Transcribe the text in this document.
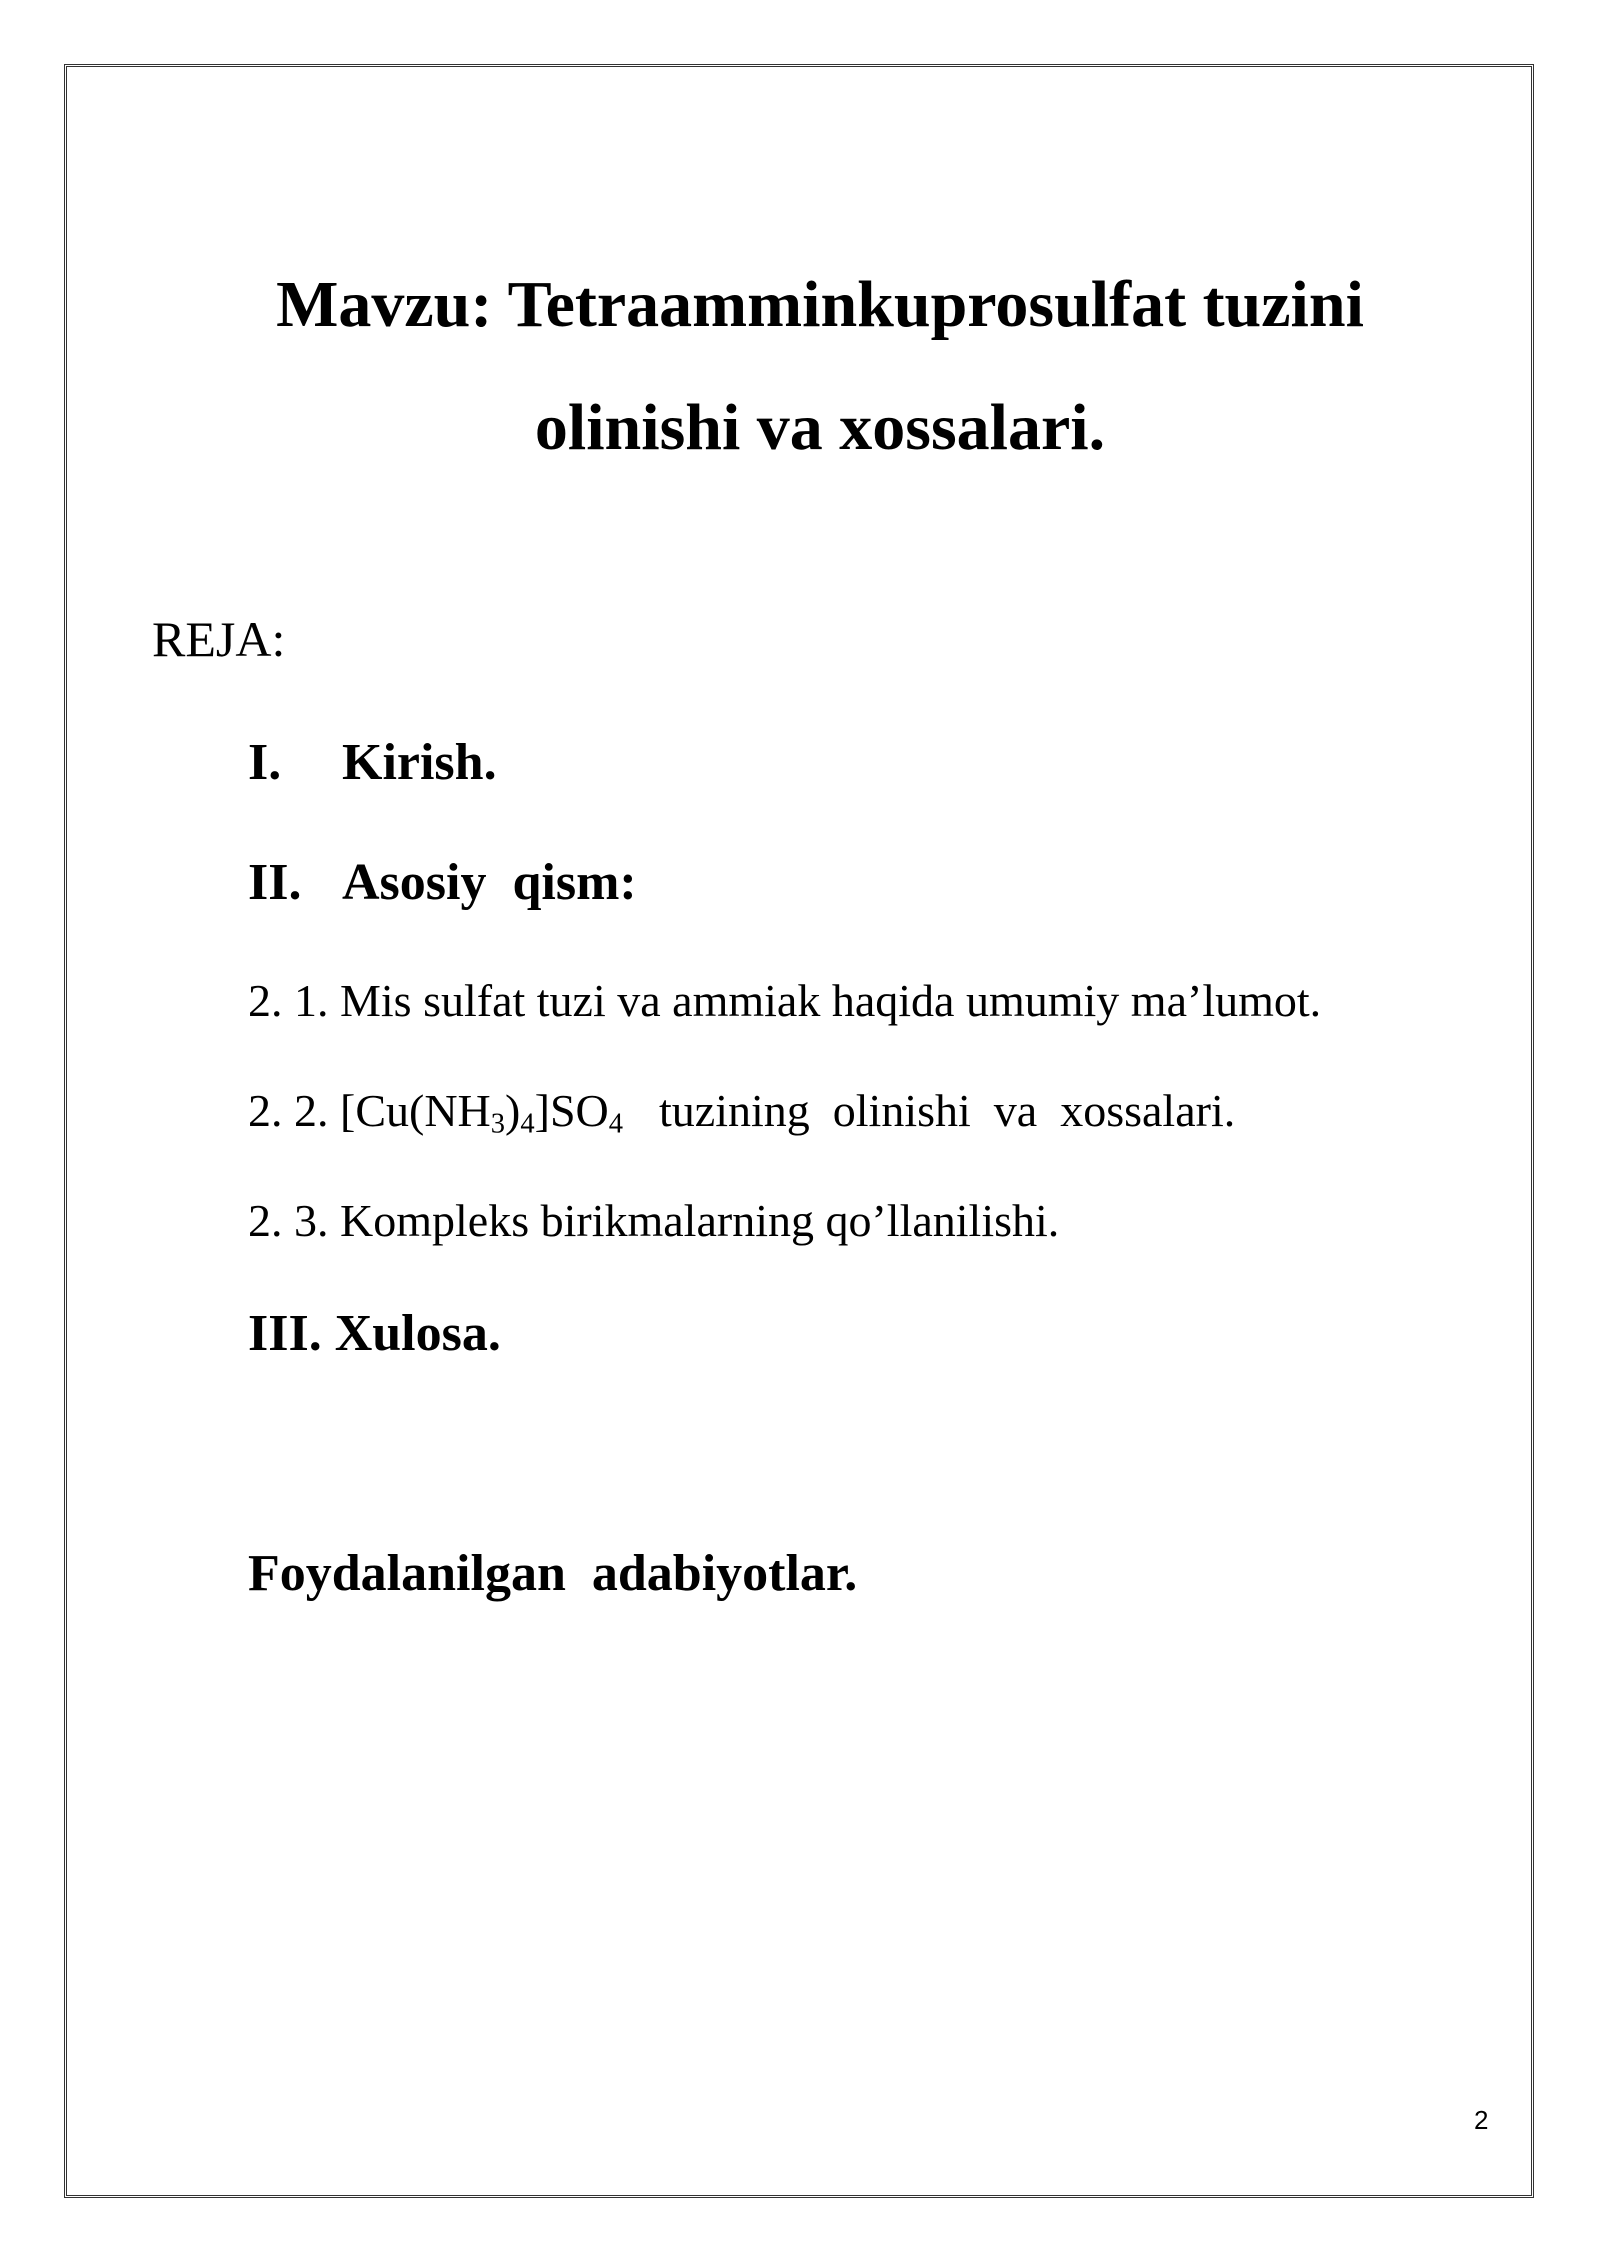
Mavzu: Tetraamminkuprosulfat tuzini
olinishi va xossalari.
REJA:
I. Kirish.
II. Asosiy  qism:
2. 1. Mis sulfat tuzi va ammiak haqida umumiy ma’lumot.
2. 2. $[Cu(NH_3)_4]SO_4$ tuzining  olinishi  va  xossalari.
2. 3. Kompleks birikmalarning qo’llanilishi.
III. Xulosa.
Foydalanilgan  adabiyotlar.
2
